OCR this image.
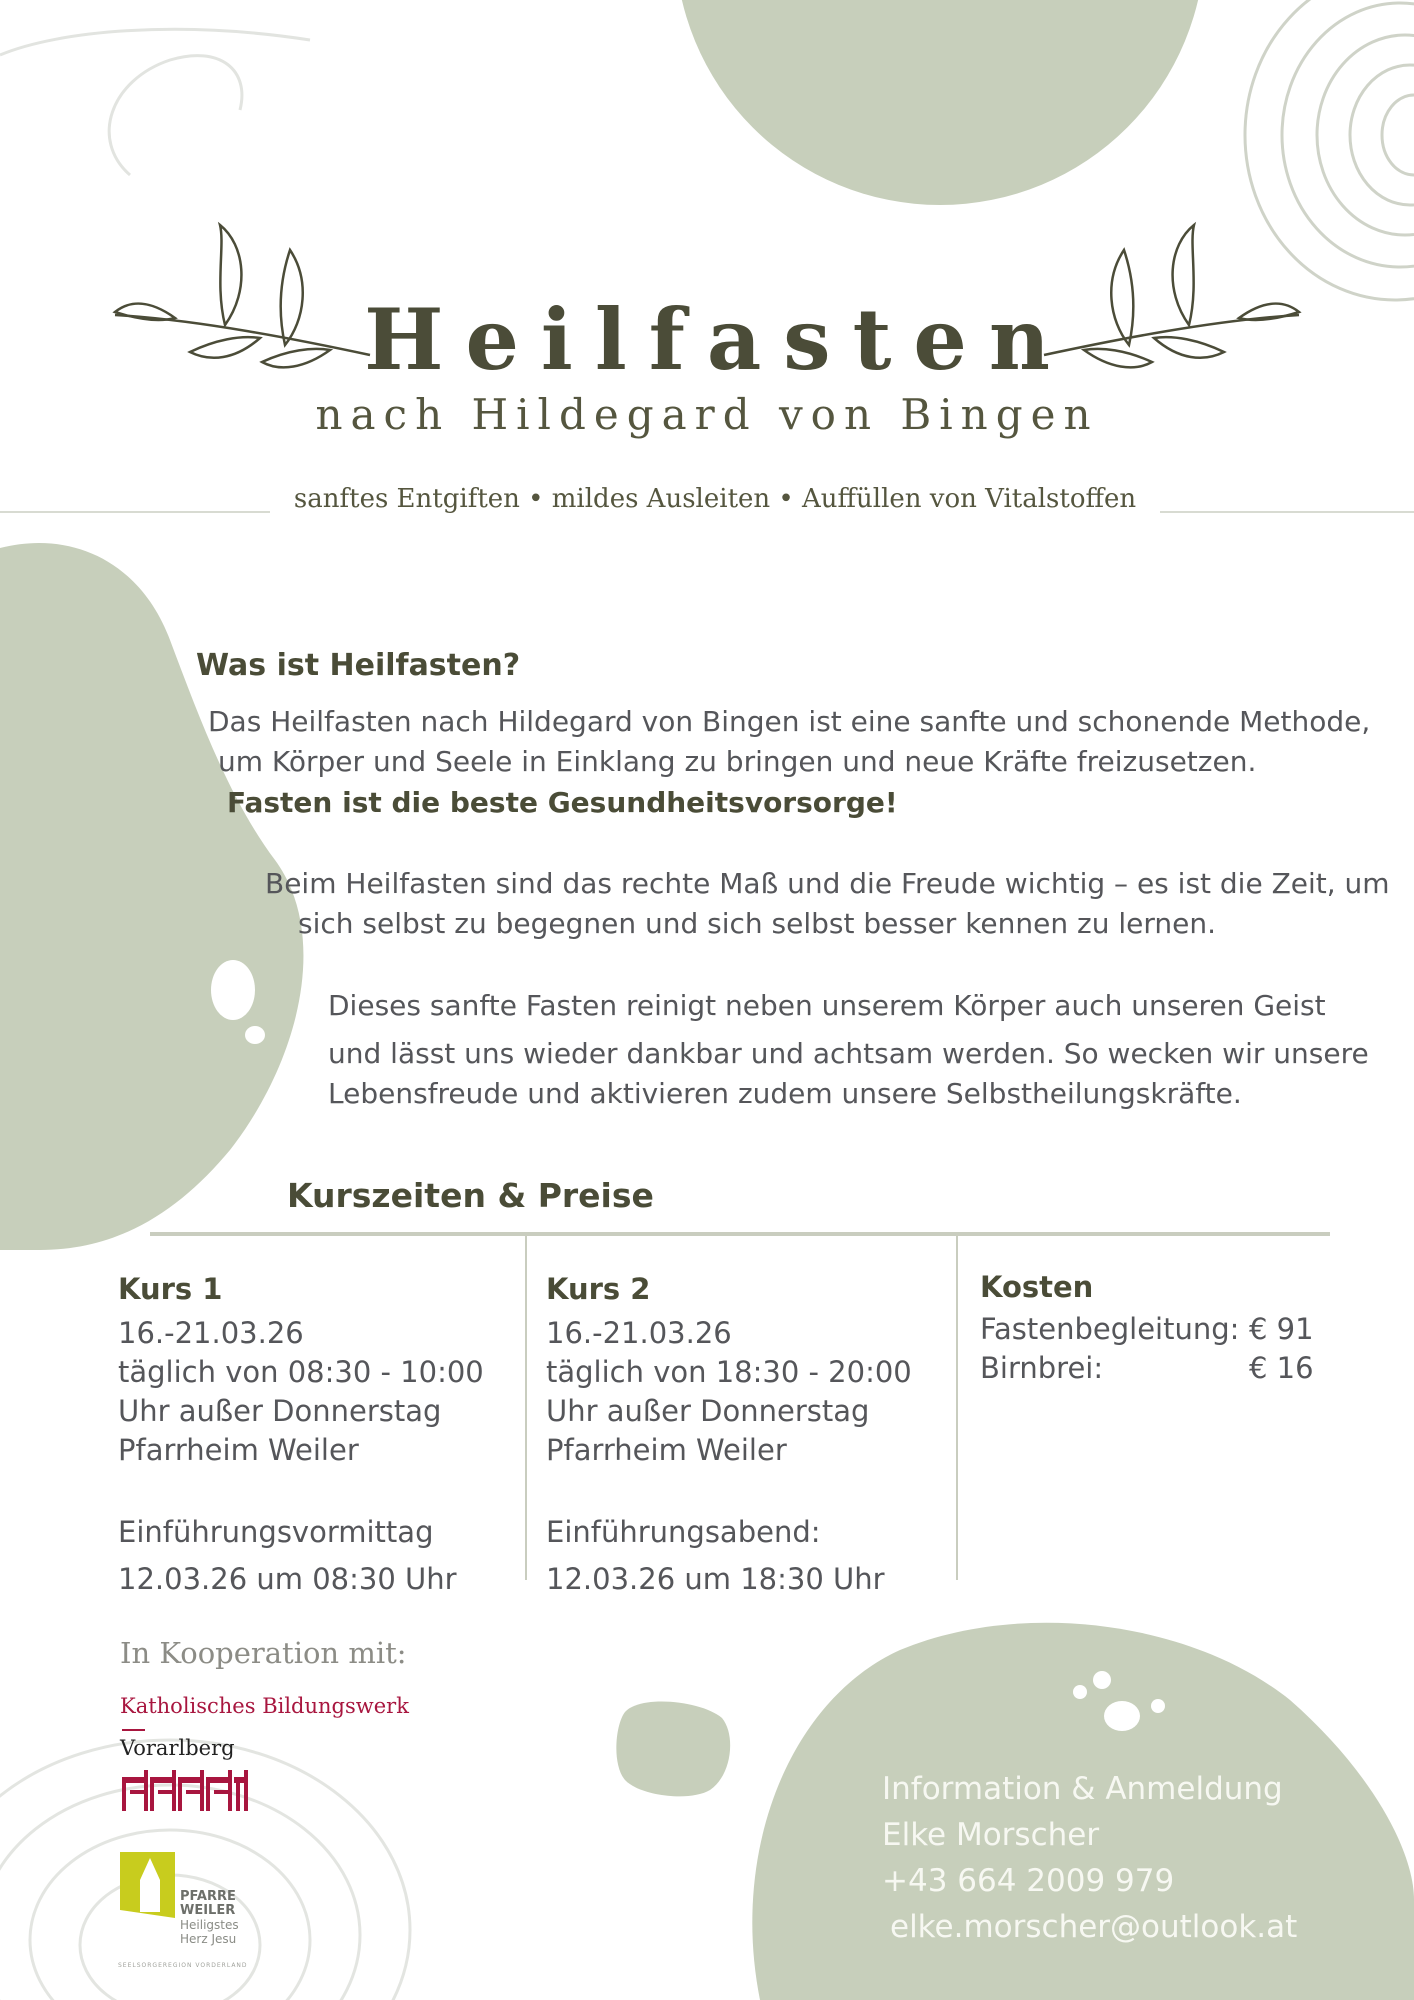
Heilfasten
nach Hildegard von Bingen
sanftes Entgiften • mildes Ausleiten • Auffüllen von Vitalstoffen
Was ist Heilfasten?
Das Heilfasten nach Hildegard von Bingen ist eine sanfte und schonende Methode,
um Körper und Seele in Einklang zu bringen und neue Kräfte freizusetzen.
Fasten ist die beste Gesundheitsvorsorge!
Beim Heilfasten sind das rechte Maß und die Freude wichtig – es ist die Zeit, um
sich selbst zu begegnen und sich selbst besser kennen zu lernen.
Dieses sanfte Fasten reinigt neben unserem Körper auch unseren Geist
und lässt uns wieder dankbar und achtsam werden. So wecken wir unsere
Lebensfreude und aktivieren zudem unsere Selbstheilungskräfte.
Kurszeiten & Preise
Kurs 1
16.-21.03.26
täglich von 08:30 - 10:00
Uhr außer Donnerstag
Pfarrheim Weiler
Einführungsvormittag
12.03.26 um 08:30 Uhr
Kurs 2
16.-21.03.26
täglich von 18:30 - 20:00
Uhr außer Donnerstag
Pfarrheim Weiler
Einführungsabend:
12.03.26 um 18:30 Uhr
Kosten
Fastenbegleitung: € 91
Birnbrei:	€ 16
In Kooperation mit:
Katholisches Bildungswerk
Vorarlberg
PFARRE
WEILER
Heiligstes
Herz Jesu
SEELSORGEREGION VORDERLAND
Information & Anmeldung
Elke Morscher
+43 664 2009 979
elke.morscher@outlook.at
